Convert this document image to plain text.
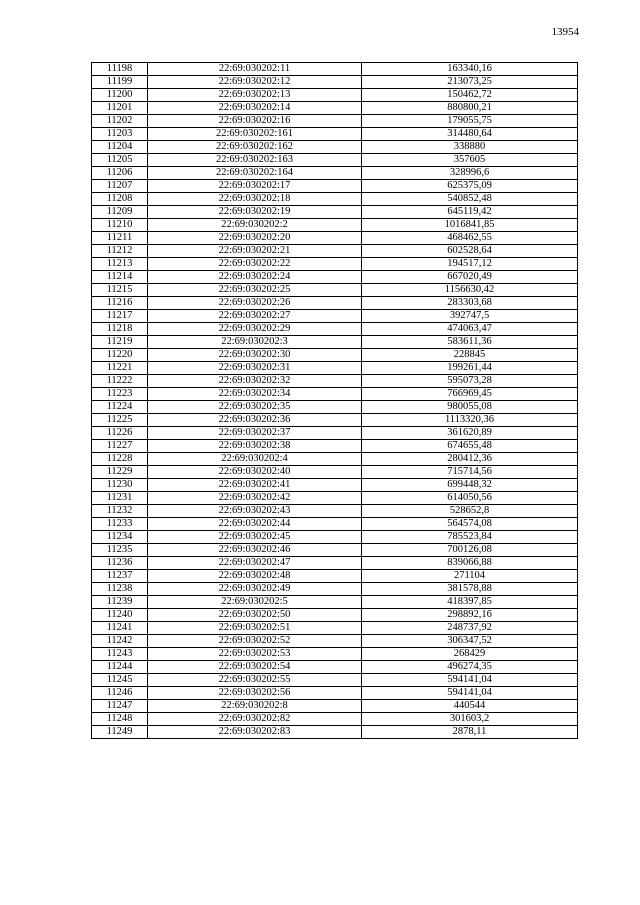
13954
11198	22:69:030202:11	163340,16
11199	22:69:030202:12	213073,25
11200	22:69:030202:13	150462,72
11201	22:69:030202:14	880800,21
11202	22:69:030202:16	179055,75
11203	22:69:030202:161	314480,64
11204	22:69:030202:162	338880
11205	22:69:030202:163	357605
11206	22:69:030202:164	328996,6
11207	22:69:030202:17	625375,09
11208	22:69:030202:18	540852,48
11209	22:69:030202:19	645119,42
11210	22:69:030202:2	1016841,85
11211	22:69:030202:20	468462,55
11212	22:69:030202:21	602528,64
11213	22:69:030202:22	194517,12
11214	22:69:030202:24	667020,49
11215	22:69:030202:25	1156630,42
11216	22:69:030202:26	283303,68
11217	22:69:030202:27	392747,5
11218	22:69:030202:29	474063,47
11219	22:69:030202:3	583611,36
11220	22:69:030202:30	228845
11221	22:69:030202:31	199261,44
11222	22:69:030202:32	595073,28
11223	22:69:030202:34	766969,45
11224	22:69:030202:35	980055,08
11225	22:69:030202:36	1113320,36
11226	22:69:030202:37	361620,89
11227	22:69:030202:38	674655,48
11228	22:69:030202:4	280412,36
11229	22:69:030202:40	715714,56
11230	22:69:030202:41	699448,32
11231	22:69:030202:42	614050,56
11232	22:69:030202:43	528652,8
11233	22:69:030202:44	564574,08
11234	22:69:030202:45	785523,84
11235	22:69:030202:46	700126,08
11236	22:69:030202:47	839066,88
11237	22:69:030202:48	271104
11238	22:69:030202:49	381578,88
11239	22:69:030202:5	418397,85
11240	22:69:030202:50	298892,16
11241	22:69:030202:51	248737,92
11242	22:69:030202:52	306347,52
11243	22:69:030202:53	268429
11244	22:69:030202:54	496274,35
11245	22:69:030202:55	594141,04
11246	22:69:030202:56	594141,04
11247	22:69:030202:8	440544
11248	22:69:030202:82	301603,2
11249	22:69:030202:83	2878,11
